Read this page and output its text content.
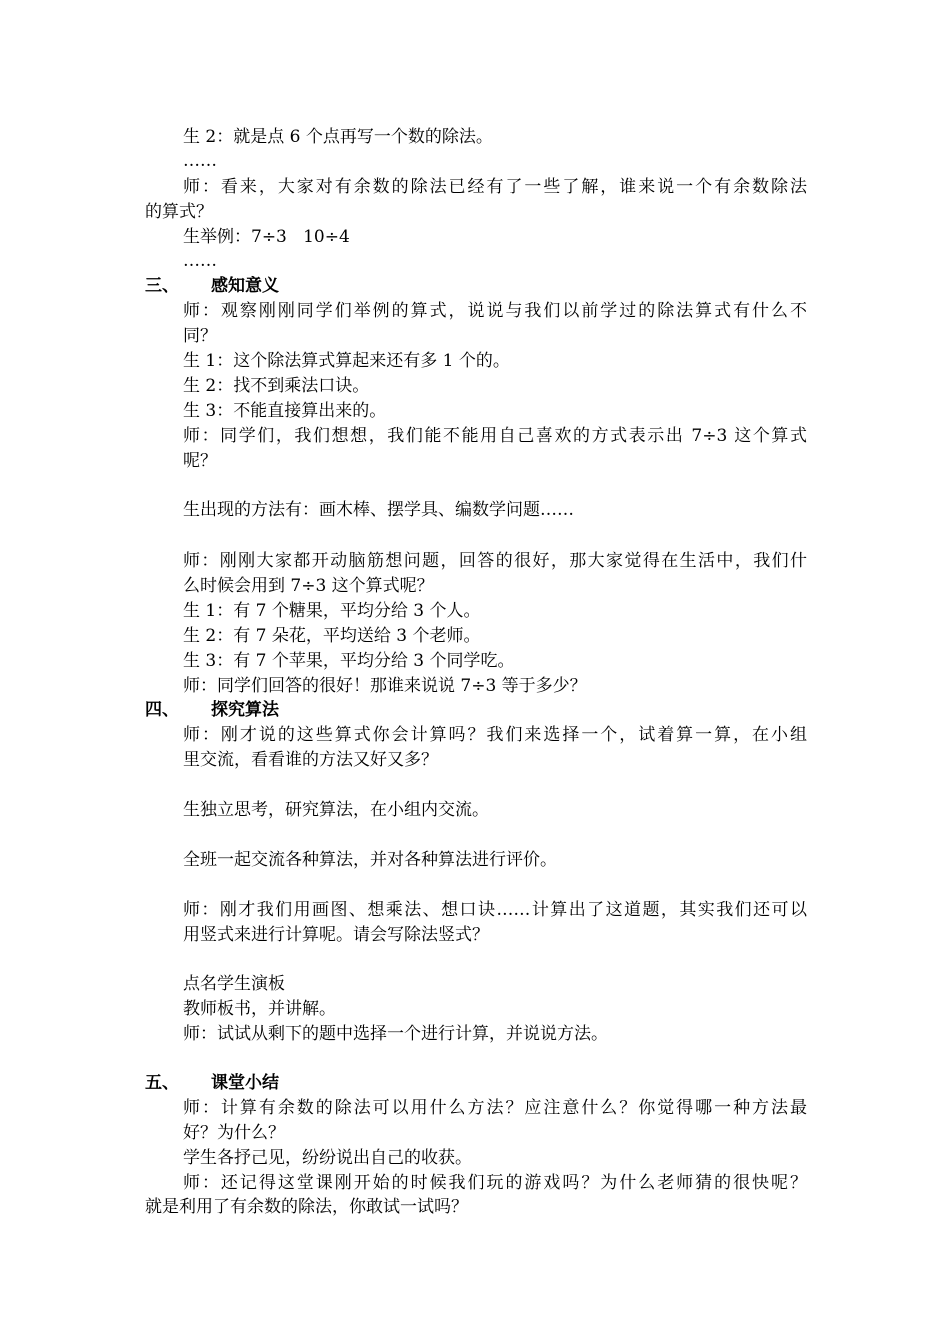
生 2：就是点 6 个点再写一个数的除法。
……
师：看来，大家对有余数的除法已经有了一些了解，谁来说一个有余数除法
的算式？
生举例：7÷3   10÷4
……
三、 感知意义
师：观察刚刚同学们举例的算式，说说与我们以前学过的除法算式有什么不
同？
生 1：这个除法算式算起来还有多 1 个的。
生 2：找不到乘法口诀。
生 3：不能直接算出来的。
师：同学们，我们想想，我们能不能用自己喜欢的方式表示出 7÷3 这个算式
呢？
生出现的方法有：画木棒、摆学具、编数学问题……
师：刚刚大家都开动脑筋想问题，回答的很好，那大家觉得在生活中，我们什
么时候会用到 7÷3 这个算式呢？
生 1：有 7 个糖果，平均分给 3 个人。
生 2：有 7 朵花，平均送给 3 个老师。
生 3：有 7 个苹果，平均分给 3 个同学吃。
师：同学们回答的很好！那谁来说说 7÷3 等于多少？
四、 探究算法
师：刚才说的这些算式你会计算吗？我们来选择一个，试着算一算，在小组
里交流，看看谁的方法又好又多？
生独立思考，研究算法，在小组内交流。
全班一起交流各种算法，并对各种算法进行评价。
师：刚才我们用画图、想乘法、想口诀……计算出了这道题，其实我们还可以
用竖式来进行计算呢。请会写除法竖式？
点名学生演板
教师板书，并讲解。
师：试试从剩下的题中选择一个进行计算，并说说方法。
五、 课堂小结
师：计算有余数的除法可以用什么方法？应注意什么？你觉得哪一种方法最
好？为什么？
学生各抒己见，纷纷说出自己的收获。
师：还记得这堂课刚开始的时候我们玩的游戏吗？为什么老师猜的很快呢？
就是利用了有余数的除法，你敢试一试吗？
